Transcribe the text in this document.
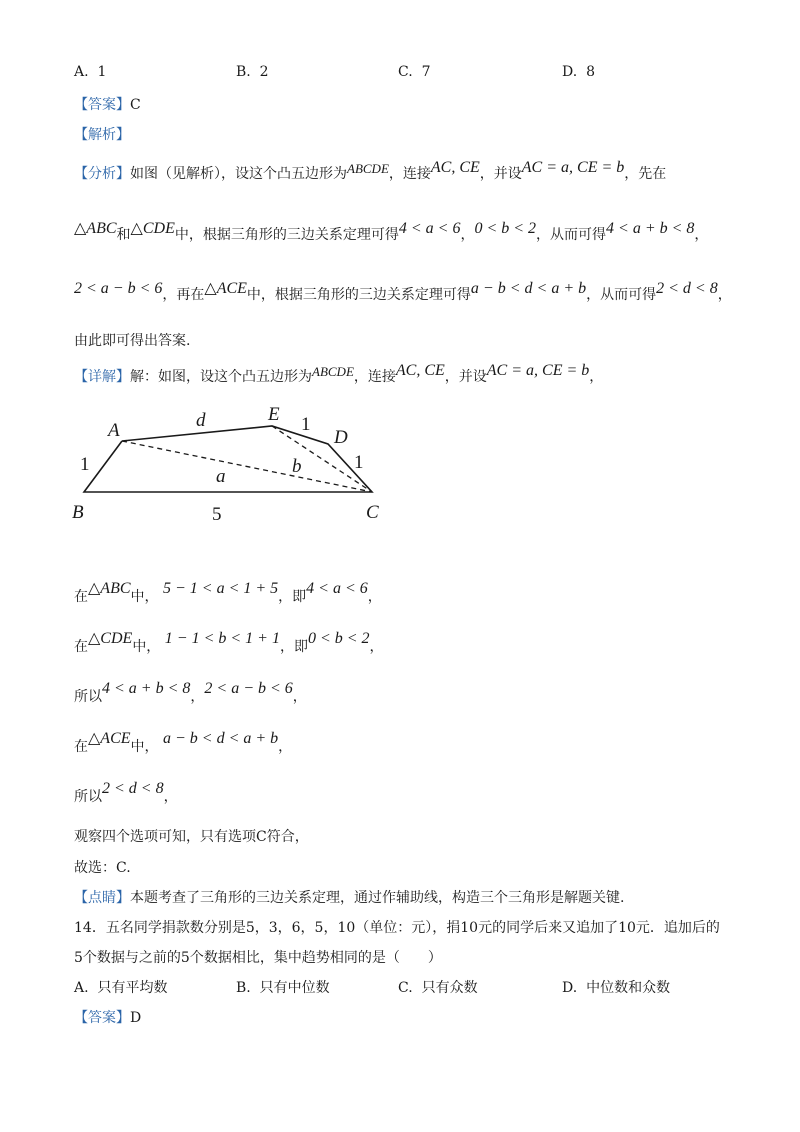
A. 1	B. 2	C. 7	D. 8
【答案】C
【解析】
【分析】如图（见解析），设这个凸五边形为ABCDE，连接AC, CE，并设AC = a, CE = b，先在
△ABC和△CDE中，根据三角形的三边关系定理可得4 < a < 6，0 < b < 2，从而可得4 < a + b < 8，
2 < a − b < 6，再在△ACE中，根据三角形的三边关系定理可得a − b < d < a + b，从而可得2 < d < 8，
由此即可得出答案.
【详解】解：如图，设这个凸五边形为ABCDE，连接AC, CE，并设AC = a, CE = b，
A
B	C
D
E
d
a	b
1
5
1
1
在△ABC中， 5 − 1 < a < 1 + 5，即4 < a < 6，
在△CDE中， 1 − 1 < b < 1 + 1，即0 < b < 2，
所以4 < a + b < 8，2 < a − b < 6，
在△ACE中， a − b < d < a + b，
所以2 < d < 8，
观察四个选项可知，只有选项C符合，
故选：C.
【点睛】本题考查了三角形的三边关系定理，通过作辅助线，构造三个三角形是解题关键.
14．五名同学捐款数分别是5，3，6，5，10（单位：元），捐10元的同学后来又追加了10元．追加后的
5个数据与之前的5个数据相比，集中趋势相同的是（　　）
A. 只有平均数	B. 只有中位数	C. 只有众数	D. 中位数和众数
【答案】D
